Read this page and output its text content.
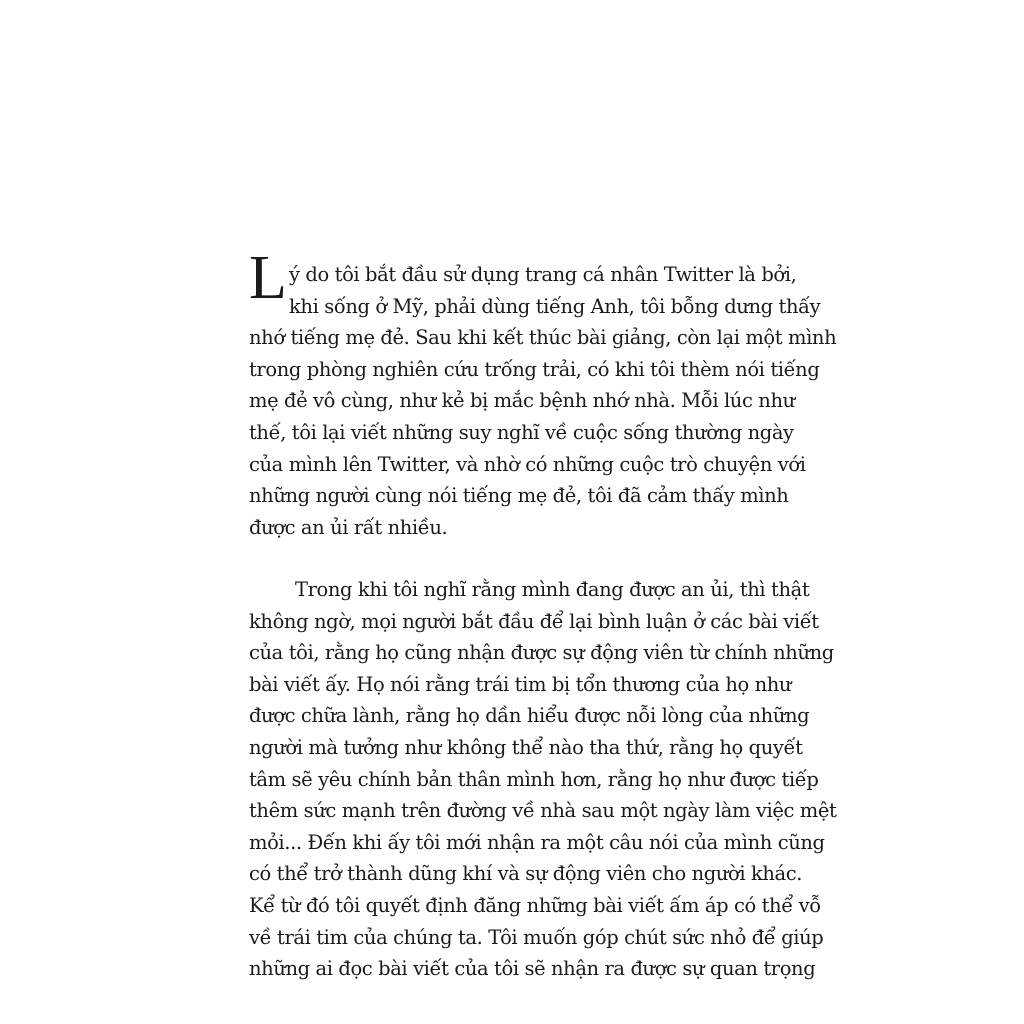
L ý do tôi bắt đầu sử dụng trang cá nhân Twitter là bởi,
khi sống ở Mỹ, phải dùng tiếng Anh, tôi bỗng dưng thấy
nhớ tiếng mẹ đẻ. Sau khi kết thúc bài giảng, còn lại một mình
trong phòng nghiên cứu trống trải, có khi tôi thèm nói tiếng
mẹ đẻ vô cùng, như kẻ bị mắc bệnh nhớ nhà. Mỗi lúc như
thế, tôi lại viết những suy nghĩ về cuộc sống thường ngày
của mình lên Twitter, và nhờ có những cuộc trò chuyện với
những người cùng nói tiếng mẹ đẻ, tôi đã cảm thấy mình
được an ủi rất nhiều.
Trong khi tôi nghĩ rằng mình đang được an ủi, thì thật
không ngờ, mọi người bắt đầu để lại bình luận ở các bài viết
của tôi, rằng họ cũng nhận được sự động viên từ chính những
bài viết ấy. Họ nói rằng trái tim bị tổn thương của họ như
được chữa lành, rằng họ dần hiểu được nỗi lòng của những
người mà tưởng như không thể nào tha thứ, rằng họ quyết
tâm sẽ yêu chính bản thân mình hơn, rằng họ như được tiếp
thêm sức mạnh trên đường về nhà sau một ngày làm việc mệt
mỏi... Đến khi ấy tôi mới nhận ra một câu nói của mình cũng
có thể trở thành dũng khí và sự động viên cho người khác.
Kể từ đó tôi quyết định đăng những bài viết ấm áp có thể vỗ
về trái tim của chúng ta. Tôi muốn góp chút sức nhỏ để giúp
những ai đọc bài viết của tôi sẽ nhận ra được sự quan trọng
